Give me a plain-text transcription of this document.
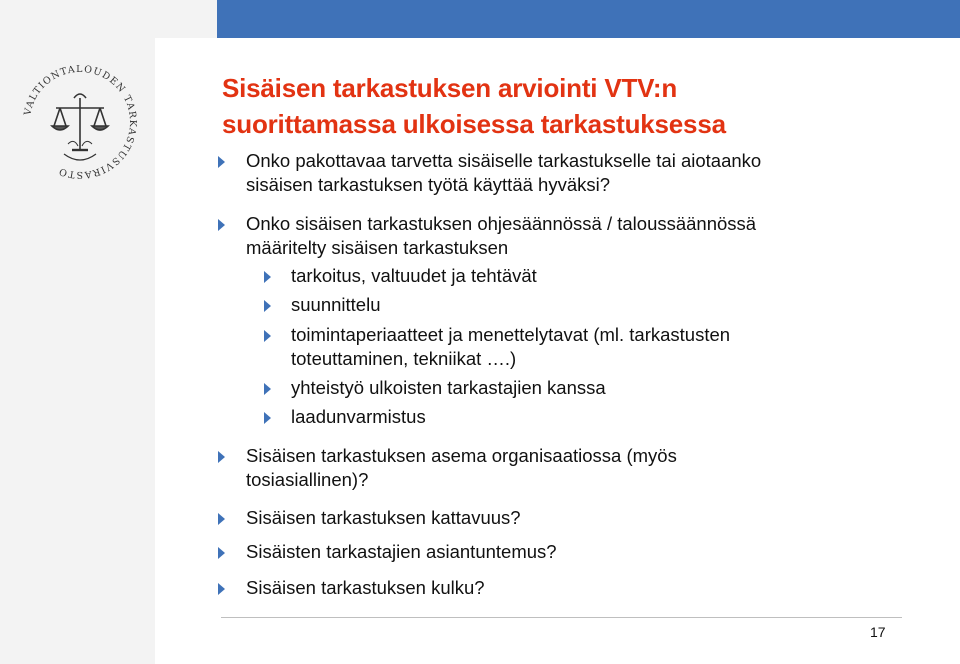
VALTIONTALOUDEN TARKASTUSVIRASTO
Sisäisen tarkastuksen arviointi VTV:n
suorittamassa ulkoisessa tarkastuksessa
Onko pakottavaa tarvetta sisäiselle tarkastukselle tai aiotaanko
sisäisen tarkastuksen työtä käyttää hyväksi?
Onko sisäisen tarkastuksen ohjesäännössä / taloussäännössä
määritelty sisäisen tarkastuksen
tarkoitus, valtuudet ja tehtävät
suunnittelu
toimintaperiaatteet ja menettelytavat (ml. tarkastusten
toteuttaminen, tekniikat ….)
yhteistyö ulkoisten tarkastajien kanssa
laadunvarmistus
Sisäisen tarkastuksen asema organisaatiossa (myös
tosiasiallinen)?
Sisäisen tarkastuksen kattavuus?
Sisäisten tarkastajien asiantuntemus?
Sisäisen tarkastuksen kulku?
17
